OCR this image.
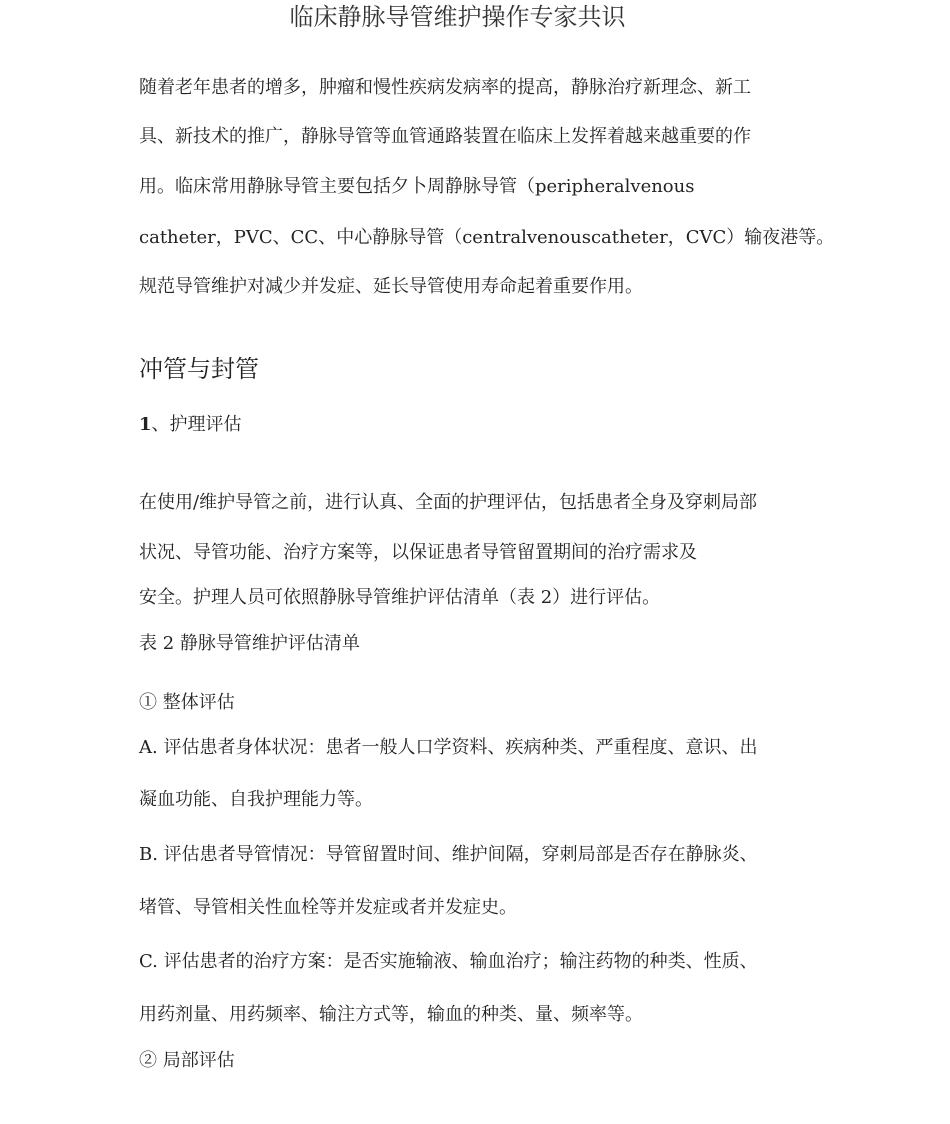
临床静脉导管维护操作专家共识

随着老年患者的增多，肿瘤和慢性疾病发病率的提高，静脉治疗新理念、新工

具、新技术的推广，静脉导管等血管通路装置在临床上发挥着越来越重要的作

用。临床常用静脉导管主要包括夕卜周静脉导管（peripheralvenous

catheter，PVC、CC、中心静脉导管（centralvenouscatheter，CVC）输夜港等。

规范导管维护对减少并发症、延长导管使用寿命起着重要作用。

冲管与封管

1、护理评估

在使用/维护导管之前，进行认真、全面的护理评估，包括患者全身及穿刺局部

状况、导管功能、治疗方案等，以保证患者导管留置期间的治疗需求及

安全。护理人员可依照静脉导管维护评估清单（表 2）进行评估。

表 2 静脉导管维护评估清单

① 整体评估

A. 评估患者身体状况：患者一般人口学资料、疾病种类、严重程度、意识、出

凝血功能、自我护理能力等。

B. 评估患者导管情况：导管留置时间、维护间隔，穿刺局部是否存在静脉炎、

堵管、导管相关性血栓等并发症或者并发症史。

C. 评估患者的治疗方案：是否实施输液、输血治疗；输注药物的种类、性质、

用药剂量、用药频率、输注方式等，输血的种类、量、频率等。

② 局部评估
